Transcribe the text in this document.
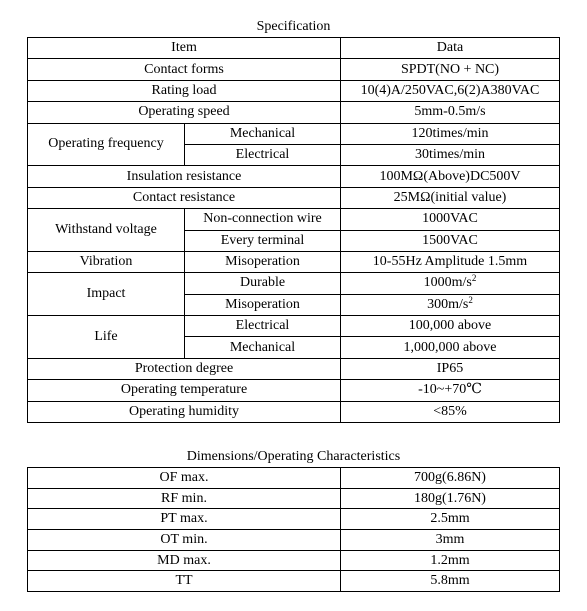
Specification
Item		Data
Contact forms		SPDT(NO + NC)
Rating load		10(4)A/250VAC,6(2)A380VAC
Operating speed		5mm-0.5m/s
Operating frequency	Mechanical	120times/min
	Electrical	30times/min
Insulation resistance		100MΩ(Above)DC500V
Contact resistance		25MΩ(initial value)
Withstand voltage	Non-connection wire	1000VAC
	Every terminal	1500VAC
Vibration	Misoperation	10-55Hz Amplitude 1.5mm
Impact	Durable	$1000m/s^2$
	Misoperation	$300m/s^2$
Life	Electrical	100,000 above
	Mechanical	1,000,000 above
Protection degree		IP65
Operating temperature		-10~+70℃
Operating humidity		<85%
Dimensions/Operating Characteristics
OF max.	700g(6.86N)
RF min.	180g(1.76N)
PT max.	2.5mm
OT min.	3mm
MD max.	1.2mm
TT	5.8mm
